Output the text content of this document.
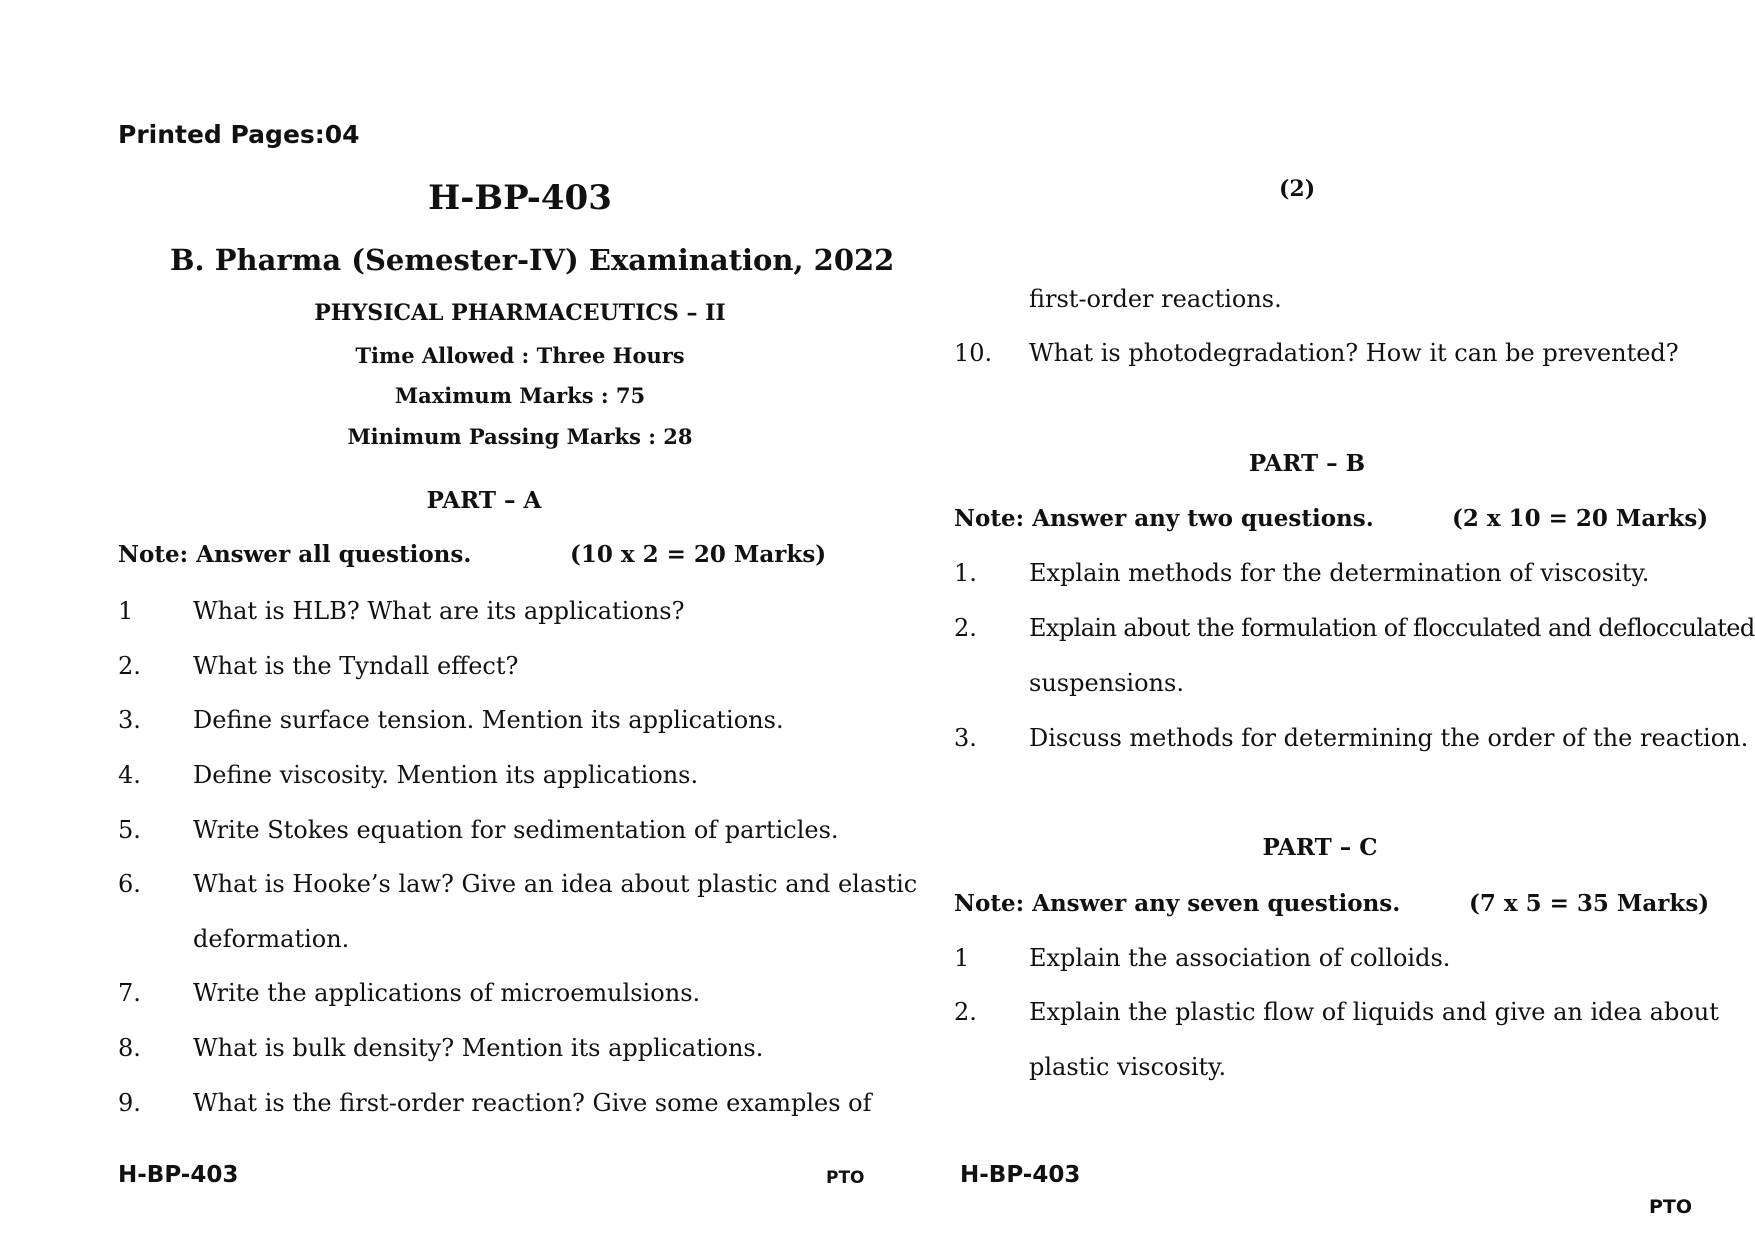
Printed Pages:04
H-BP-403
B. Pharma (Semester-IV) Examination, 2022
PHYSICAL PHARMACEUTICS – II
Time Allowed : Three Hours
Maximum Marks : 75
Minimum Passing Marks : 28
PART – A
Note: Answer all questions.	(10 x 2 = 20 Marks)
1 What is HLB? What are its applications?
2. What is the Tyndall effect?
3. Define surface tension. Mention its applications.
4. Define viscosity. Mention its applications.
5. Write Stokes equation for sedimentation of particles.
6. What is Hooke’s law? Give an idea about plastic and elastic
deformation.
7. Write the applications of microemulsions.
8. What is bulk density? Mention its applications.
9. What is the first-order reaction? Give some examples of
H-BP-403	PTO
(2)
first-order reactions.
10. What is photodegradation? How it can be prevented?
PART – B
Note: Answer any two questions.	(2 x 10 = 20 Marks)
1. Explain methods for the determination of viscosity.
2. Explain about the formulation of flocculated and deflocculated
suspensions.
3. Discuss methods for determining the order of the reaction.
PART – C
Note: Answer any seven questions.	(7 x 5 = 35 Marks)
1 Explain the association of colloids.
2. Explain the plastic flow of liquids and give an idea about
plastic viscosity.
H-BP-403
PTO
